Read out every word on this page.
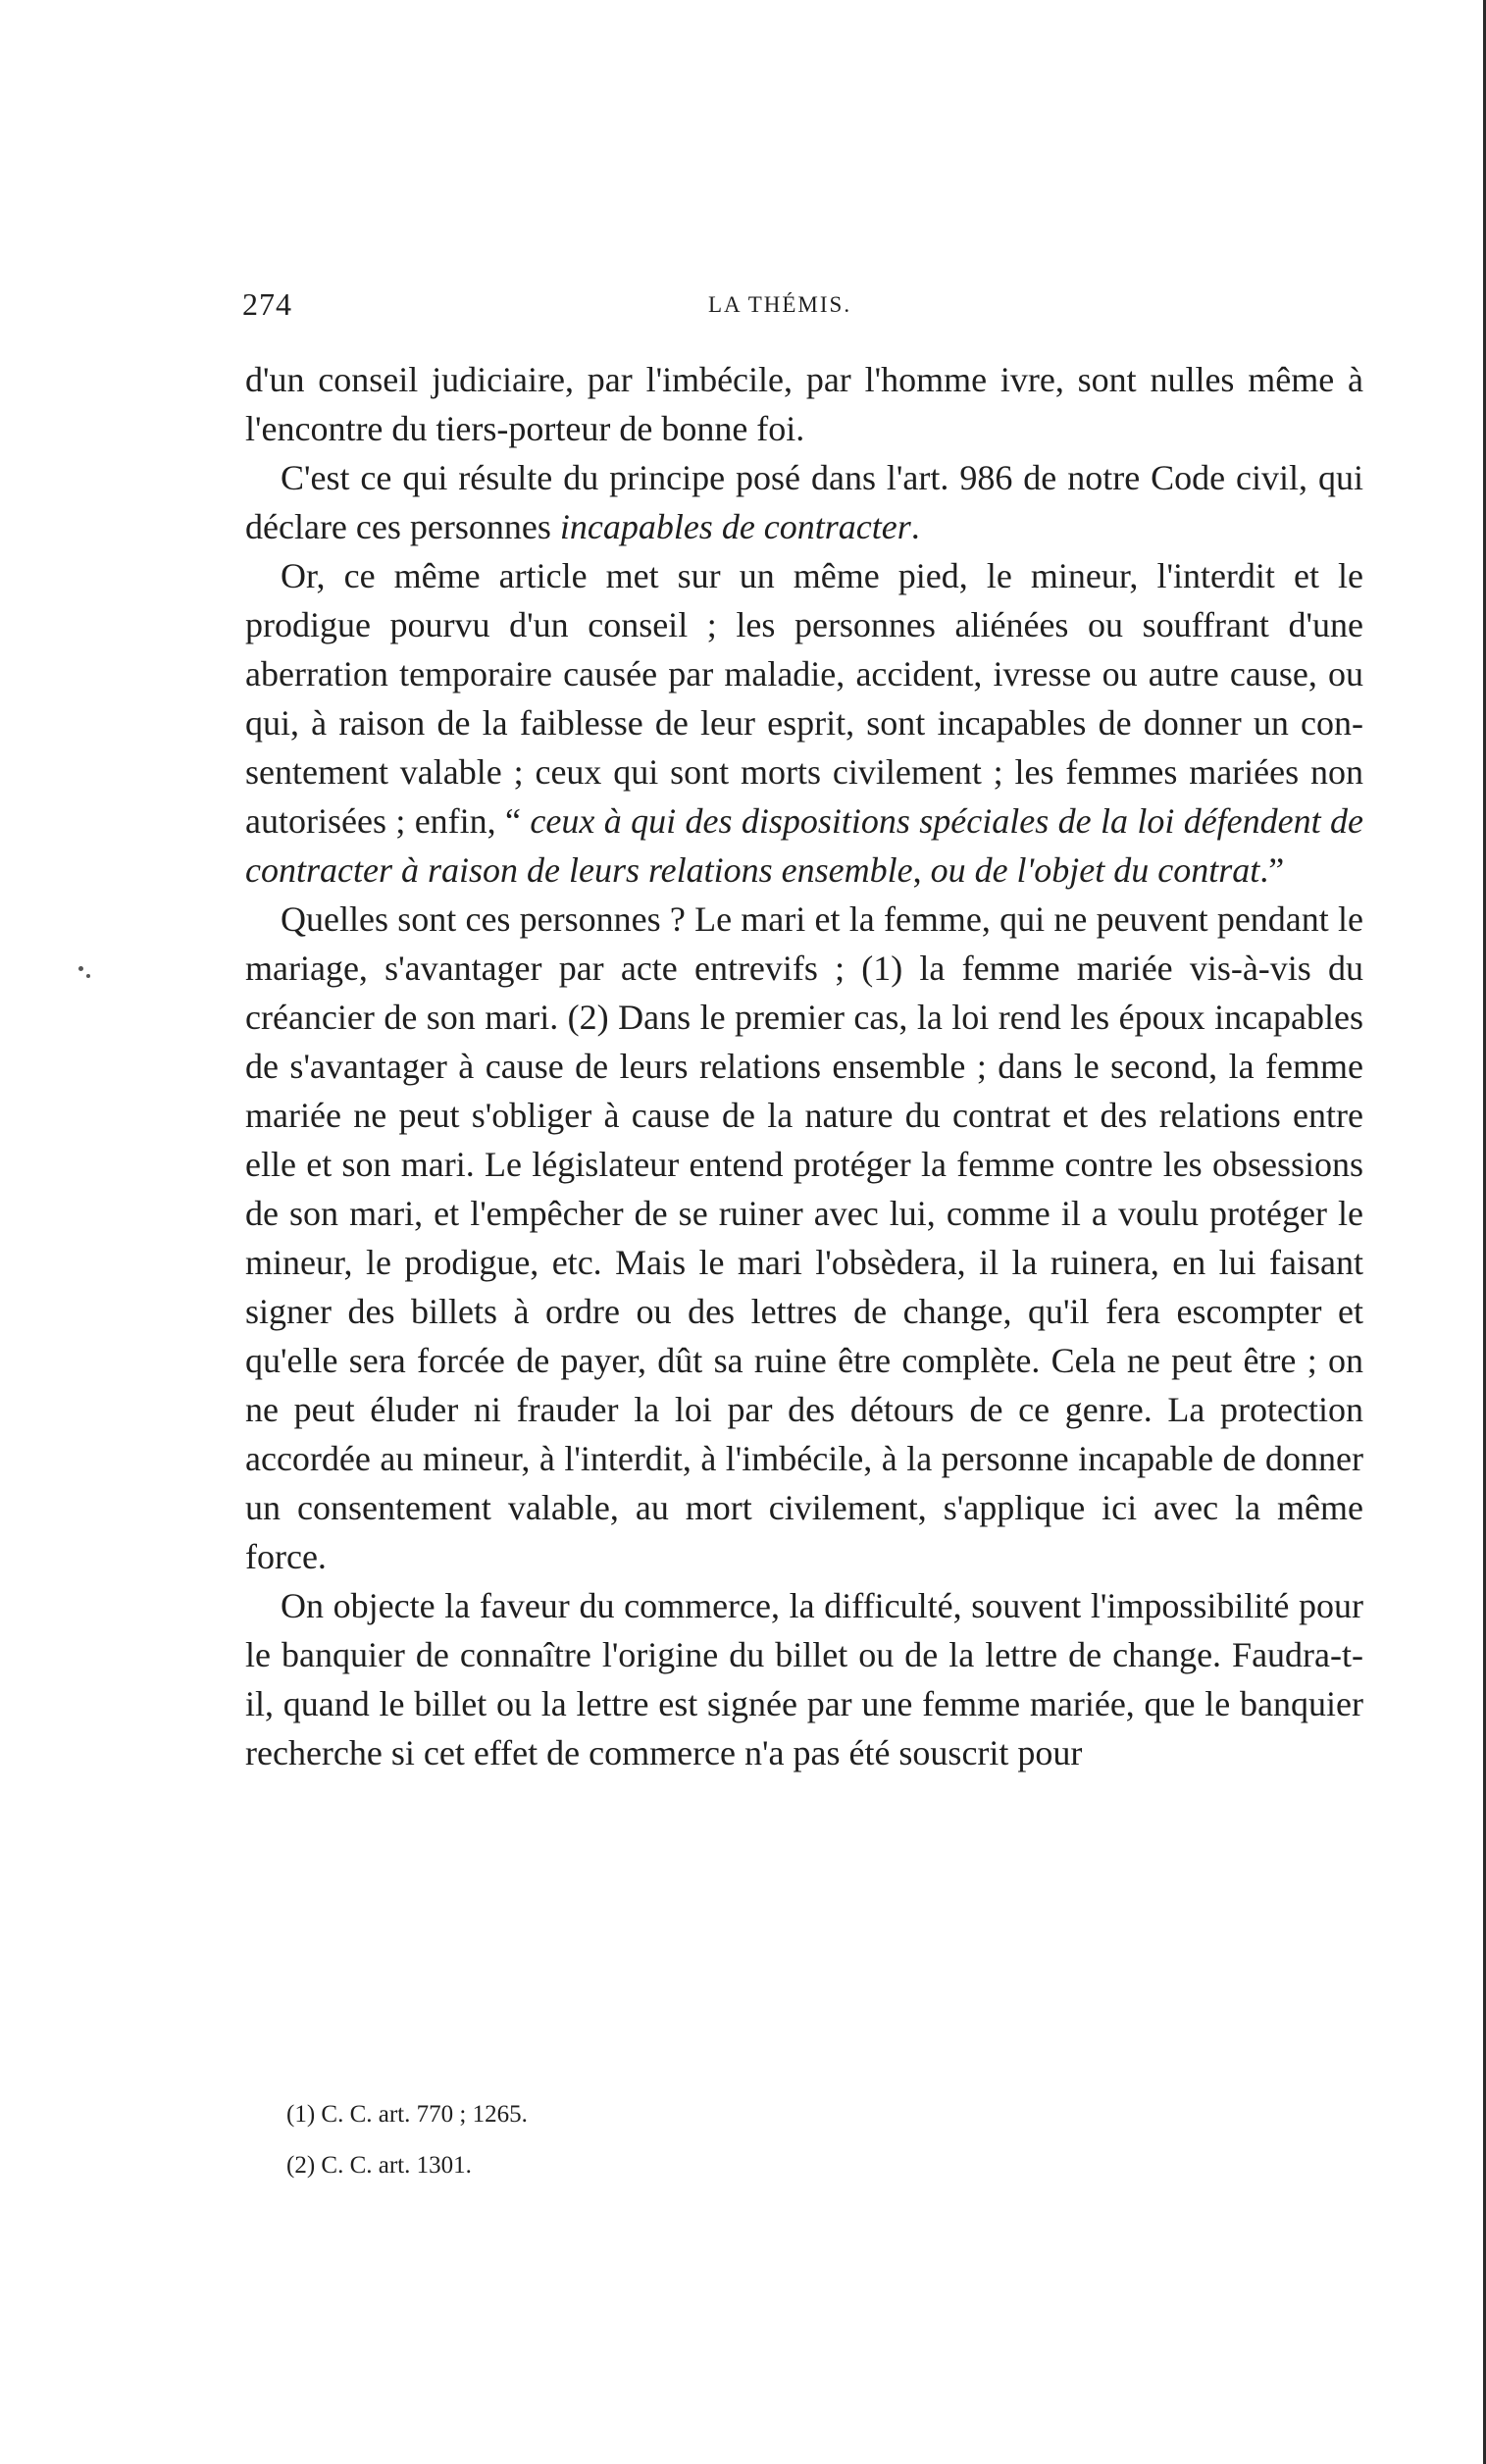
274	LA THÉMIS.

d'un conseil judiciaire, par l'imbécile, par l'homme ivre, sont nulles même à l'encontre du tiers-porteur de bonne foi.

C'est ce qui résulte du principe posé dans l'art. 986 de notre Code civil, qui déclare ces personnes incapables de contracter.

Or, ce même article met sur un même pied, le mineur, l'interdit et le prodigue pourvu d'un conseil ; les personnes aliénées ou souffrant d'une aberration temporaire causée par maladie, accident, ivresse ou autre cause, ou qui, à raison de la faiblesse de leur esprit, sont incapables de donner un consentement valable ; ceux qui sont morts civilement ; les femmes mariées non autorisées ; enfin, “ ceux à qui des dispositions spéciales de la loi défendent de contracter à raison de leurs relations ensemble, ou de l'objet du contrat.”

Quelles sont ces personnes ? Le mari et la femme, qui ne peuvent pendant le mariage, s'avantager par acte entrevifs ; (1) la femme mariée vis-à-vis du créancier de son mari. (2) Dans le premier cas, la loi rend les époux incapables de s'avantager à cause de leurs relations ensemble ; dans le second, la femme mariée ne peut s'obliger à cause de la nature du contrat et des relations entre elle et son mari. Le législateur entend protéger la femme contre les obsessions de son mari, et l'empêcher de se ruiner avec lui, comme il a voulu protéger le mineur, le prodigue, etc. Mais le mari l'obsèdera, il la ruinera, en lui faisant signer des billets à ordre ou des lettres de change, qu'il fera escompter et qu'elle sera forcée de payer, dût sa ruine être complète. Cela ne peut être ; on ne peut éluder ni frauder la loi par des détours de ce genre. La protection accordée au mineur, à l'interdit, à l'imbécile, à la personne incapable de donner un consentement valable, au mort civilement, s'applique ici avec la même force.

On objecte la faveur du commerce, la difficulté, souvent l'impossibilité pour le banquier de connaître l'origine du billet ou de la lettre de change. Faudra-t-il, quand le billet ou la lettre est signée par une femme mariée, que le banquier recherche si cet effet de commerce n'a pas été souscrit pour

(1) C. C. art. 770 ; 1265.

(2) C. C. art. 1301.
